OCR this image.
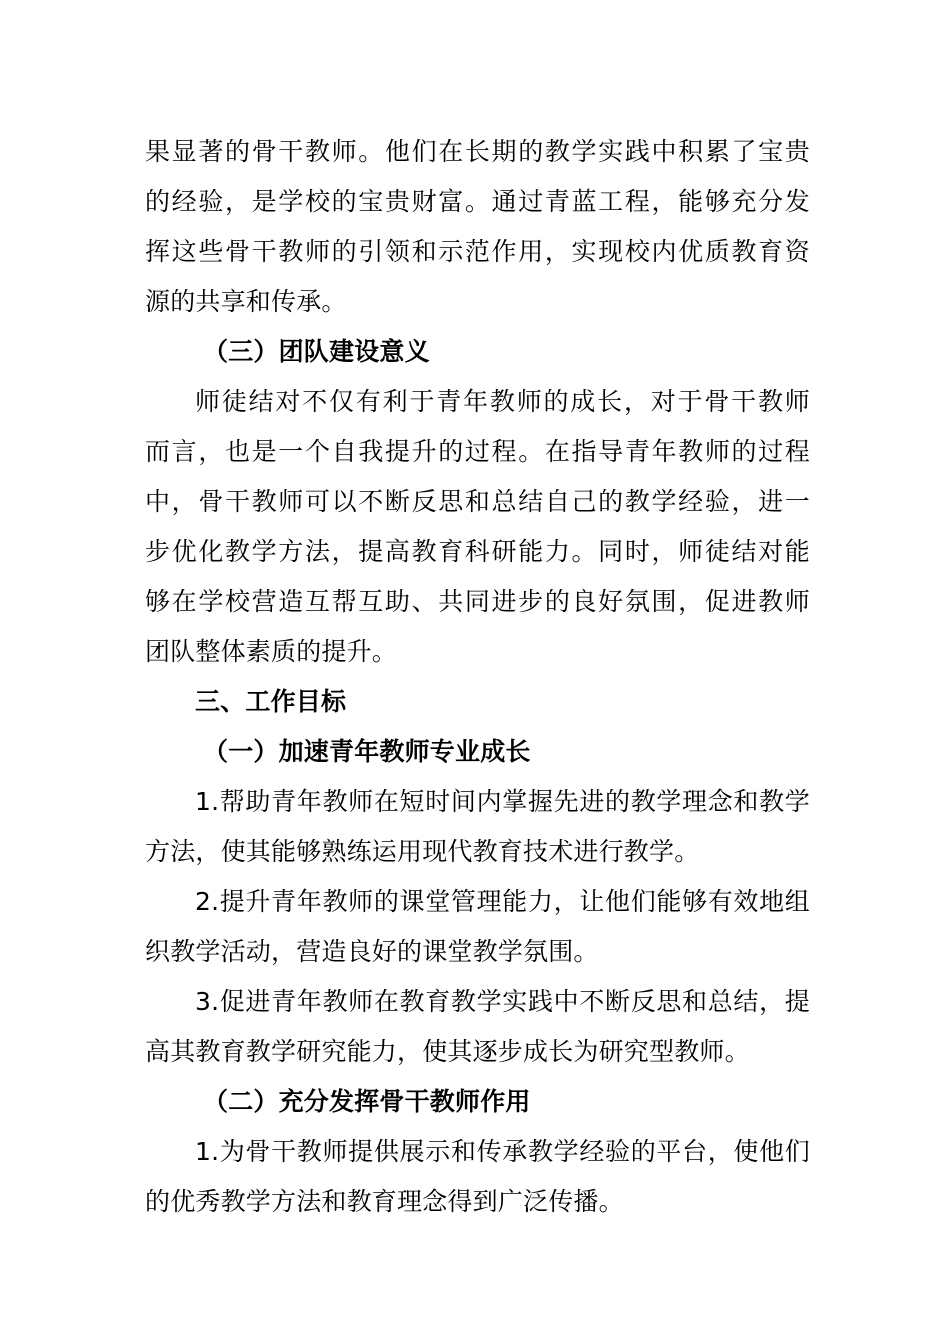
果显著的骨干教师。他们在长期的教学实践中积累了宝贵
的经验，是学校的宝贵财富。通过青蓝工程，能够充分发
挥这些骨干教师的引领和示范作用，实现校内优质教育资
源的共享和传承。
（三）团队建设意义
师徒结对不仅有利于青年教师的成长，对于骨干教师
而言，也是一个自我提升的过程。在指导青年教师的过程
中，骨干教师可以不断反思和总结自己的教学经验，进一
步优化教学方法，提高教育科研能力。同时，师徒结对能
够在学校营造互帮互助、共同进步的良好氛围，促进教师
团队整体素质的提升。
三、工作目标
（一）加速青年教师专业成长
1.帮助青年教师在短时间内掌握先进的教学理念和教学
方法，使其能够熟练运用现代教育技术进行教学。
2.提升青年教师的课堂管理能力，让他们能够有效地组
织教学活动，营造良好的课堂教学氛围。
3.促进青年教师在教育教学实践中不断反思和总结，提
高其教育教学研究能力，使其逐步成长为研究型教师。
（二）充分发挥骨干教师作用
1.为骨干教师提供展示和传承教学经验的平台，使他们
的优秀教学方法和教育理念得到广泛传播。
